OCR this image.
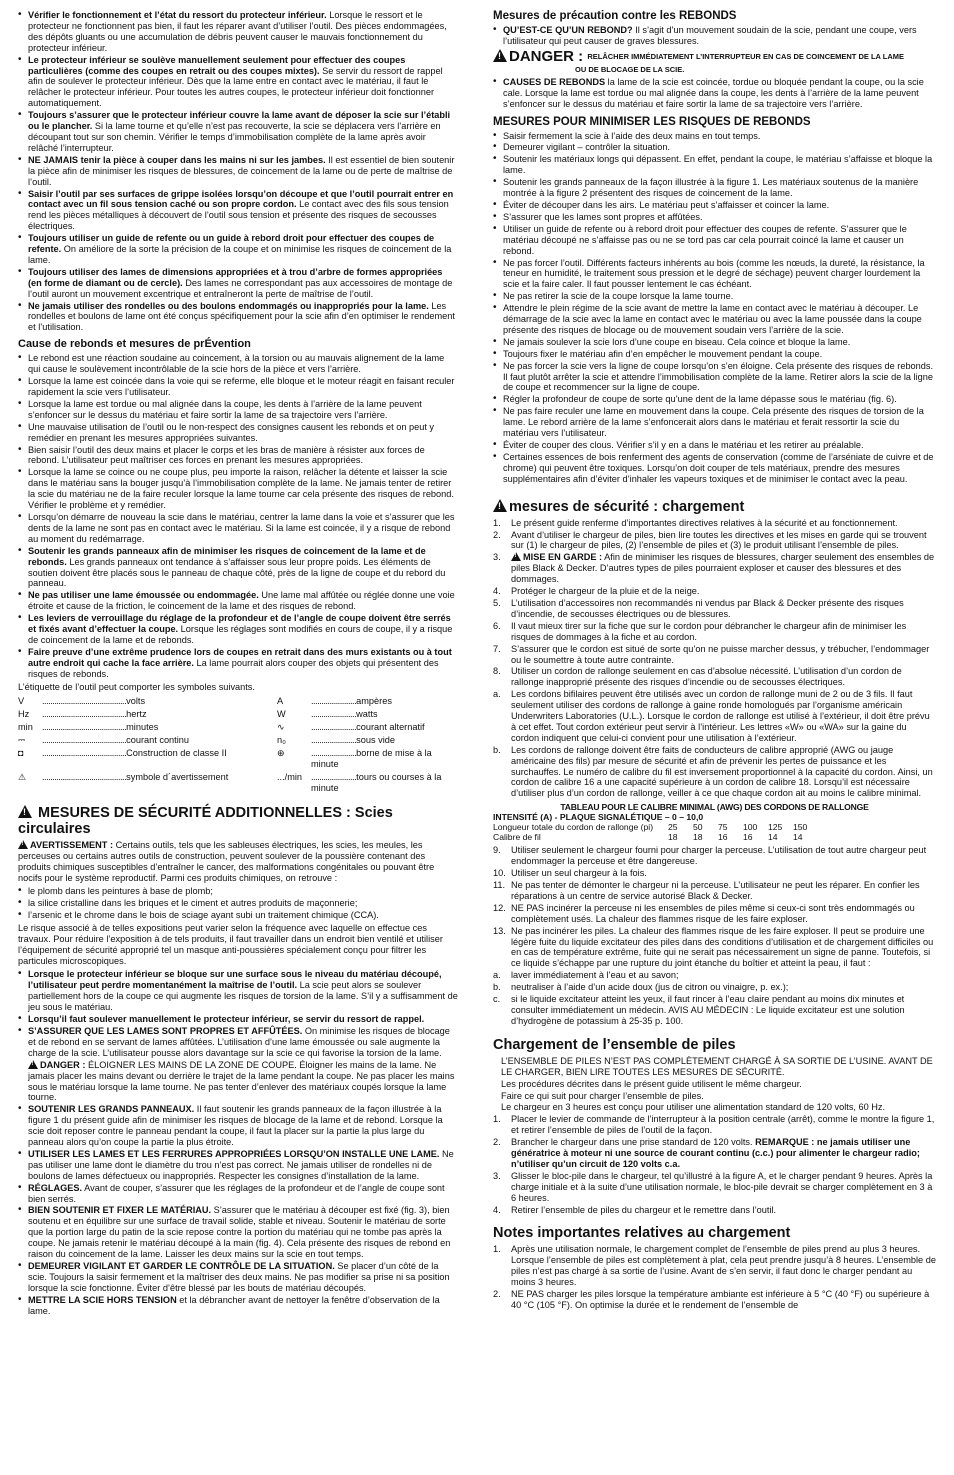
• Vérifier le fonctionnement et l’état du ressort du protecteur inférieur. Lorsque le ressort et le protecteur ne fonctionnent pas bien, il faut les réparer avant d’utiliser l’outil. Des pièces endommagées, des dépôts gluants ou une accumulation de débris peuvent causer le mauvais fonctionnement du protecteur inférieur.
• Le protecteur inférieur se soulève manuellement seulement pour effectuer des coupes particulières (comme des coupes en retrait ou des coupes mixtes). Se servir du ressort de rappel afin de soulever le protecteur inférieur. Dès que la lame entre en contact avec le matériau, il faut le relâcher le protecteur inférieur. Pour toutes les autres coupes, le protecteur inférieur doit fonctionner automatiquement.
• Toujours s’assurer que le protecteur inférieur couvre la lame avant de déposer la scie sur l’établi ou le plancher. Si la lame tourne et qu’elle n’est pas recouverte, la scie se déplacera vers l’arrière en découpant tout sur son chemin. Vérifier le temps d’immobilisation complète de la lame après avoir relâché l’interrupteur.
• NE JAMAIS tenir la pièce à couper dans les mains ni sur les jambes. Il est essentiel de bien soutenir la pièce afin de minimiser les risques de blessures, de coincement de la lame ou de perte de maîtrise de l’outil.
• Saisir l’outil par ses surfaces de grippe isolées lorsqu’on découpe et que l’outil pourrait entrer en contact avec un fil sous tension caché ou son propre cordon. Le contact avec des fils sous tension rend les pièces métalliques à découvert de l’outil sous tension et présente des risques de secousses électriques.
• Toujours utiliser un guide de refente ou un guide à rebord droit pour effectuer des coupes de refente. On améliore de la sorte la précision de la coupe et on minimise les risques de coincement de la lame.
• Toujours utiliser des lames de dimensions appropriées et à trou d’arbre de formes appropriées (en forme de diamant ou de cercle). Des lames ne correspondant pas aux accessoires de montage de l’outil auront un mouvement excentrique et entraîneront la perte de maîtrise de l’outil.
• Ne jamais utiliser des rondelles ou des boulons endommagés ou inappropriés pour la lame. Les rondelles et boulons de lame ont été conçus spécifiquement pour la scie afin d’en optimiser le rendement et l’utilisation.
Cause de rebonds et mesures de prÉvention
• Le rebond est une réaction soudaine au coincement, à la torsion ou au mauvais alignement de la lame qui cause le soulèvement incontrôlable de la scie hors de la pièce et vers l’arrière.
• Lorsque la lame est coincée dans la voie qui se referme, elle bloque et le moteur réagit en faisant reculer rapidement la scie vers l’utilisateur.
• Lorsque la lame est tordue ou mal alignée dans la coupe, les dents à l’arrière de la lame peuvent s’enfoncer sur le dessus du matériau et faire sortir la lame de sa trajectoire vers l’arrière.
• Une mauvaise utilisation de l’outil ou le non-respect des consignes causent les rebonds et on peut y remédier en prenant les mesures appropriées suivantes.
• Bien saisir l’outil des deux mains et placer le corps et les bras de manière à résister aux forces de rebond. L’utilisateur peut maîtriser ces forces en prenant les mesures appropriées.
• Lorsque la lame se coince ou ne coupe plus, peu importe la raison, relâcher la détente et laisser la scie dans le matériau sans la bouger jusqu’à l’immobilisation complète de la lame. Ne jamais tenter de retirer la scie du matériau ne de la faire reculer lorsque la lame tourne car cela présente des risques de rebond. Vérifier le problème et y remédier.
• Lorsqu’on démarre de nouveau la scie dans le matériau, centrer la lame dans la voie et s’assurer que les dents de la lame ne sont pas en contact avec le matériau. Si la lame est coincée, il y a risque de rebond au moment du redémarrage.
• Soutenir les grands panneaux afin de minimiser les risques de coincement de la lame et de rebonds. Les grands panneaux ont tendance à s’affaisser sous leur propre poids. Les éléments de soutien doivent être placés sous le panneau de chaque côté, près de la ligne de coupe et du rebord du panneau.
• Ne pas utiliser une lame émoussée ou endommagée. Une lame mal affûtée ou réglée donne une voie étroite et cause de la friction, le coincement de la lame et des risques de rebond.
• Les leviers de verrouillage du réglage de la profondeur et de l’angle de coupe doivent être serrés et fixés avant d’effectuer la coupe. Lorsque les réglages sont modifiés en cours de coupe, il y a risque de coincement de la lame et de rebonds.
• Faire preuve d’une extrême prudence lors de coupes en retrait dans des murs existants ou à tout autre endroit qui cache la face arrière. La lame pourrait alors couper des objets qui présentent des risques de rebonds.

L’étiquette de l’outil peut comporter les symboles suivants.

V	.........................................volts	A	......................ampères
Hz	.........................................hertz	W	......................watts
min	.........................................minutes	∿	......................courant alternatif
⎓	.........................................courant continu	n₀	......................sous vide
◘	.........................................Construction de classe II	⊕	......................borne de mise à la minute
⚠	.........................................symbole d´avertissement	.../min	......................tours ou courses à la minute
! MESURES DE SÉCURITÉ ADDITIONNELLES : Scies circulaires

!AVERTISSEMENT : Certains outils, tels que les sableuses électriques, les scies, les meules, les perceuses ou certains autres outils de construction, peuvent soulever de la poussière contenant des produits chimiques susceptibles d’entraîner le cancer, des malformations congénitales ou pouvant être nocifs pour le système reproductif. Parmi ces produits chimiques, on retrouve :

• le plomb dans les peintures à base de plomb;
• la silice cristalline dans les briques et le ciment et autres produits de maçonnerie;
• l’arsenic et le chrome dans le bois de sciage ayant subi un traitement chimique (CCA).

Le risque associé à de telles expositions peut varier selon la fréquence avec laquelle on effectue ces travaux. Pour réduire l’exposition à de tels produits, il faut travailler dans un endroit bien ventilé et utiliser l’équipement de sécurité approprié tel un masque anti-poussières spécialement conçu pour filtrer les particules microscopiques.

• Lorsque le protecteur inférieur se bloque sur une surface sous le niveau du matériau découpé, l’utilisateur peut perdre momentanément la maîtrise de l’outil. La scie peut alors se soulever partiellement hors de la coupe ce qui augmente les risques de torsion de la lame. S’il y a suffisamment de jeu sous le matériau.
• Lorsqu’il faut soulever manuellement le protecteur inférieur, se servir du ressort de rappel.
• S’ASSURER QUE LES LAMES SONT PROPRES ET AFFÛTÉES. On minimise les risques de blocage et de rebond en se servant de lames affûtées. L’utilisation d’une lame émoussée ou sale augmente la charge de la scie. L’utilisateur pousse alors davantage sur la scie ce qui favorise la torsion de la lame.

!DANGER : ÉLOIGNER LES MAINS DE LA ZONE DE COUPE. Éloigner les mains de la lame. Ne jamais placer les mains devant ou derrière le trajet de la lame pendant la coupe. Ne pas placer les mains sous le matériau lorsque la lame tourne. Ne pas tenter d’enlever des matériaux coupés lorsque la lame tourne.

• SOUTENIR LES GRANDS PANNEAUX. Il faut soutenir les grands panneaux de la façon illustrée à la figure 1 du présent guide afin de minimiser les risques de blocage de la lame et de rebond. Lorsque la scie doit reposer contre le panneau pendant la coupe, il faut la placer sur la partie la plus large du panneau alors qu’on coupe la partie la plus étroite.
• UTILISER LES LAMES ET LES FERRURES APPROPRIÉES LORSQU’ON INSTALLE UNE LAME. Ne pas utiliser une lame dont le diamètre du trou n’est pas correct. Ne jamais utiliser de rondelles ni de boulons de lames défectueux ou inappropriés. Respecter les consignes d’installation de la lame.
• RÉGLAGES. Avant de couper, s’assurer que les réglages de la profondeur et de l’angle de coupe sont bien serrés.
• BIEN SOUTENIR ET FIXER LE MATÉRIAU. S’assurer que le matériau à découper est fixé (fig. 3), bien soutenu et en équilibre sur une surface de travail solide, stable et niveau. Soutenir le matériau de sorte que la portion large du patin de la scie repose contre la portion du matériau qui ne tombe pas après la coupe. Ne jamais retenir le matériau découpé à la main (fig. 4). Cela présente des risques de rebond en raison du coincement de la lame. Laisser les deux mains sur la scie en tout temps.
• DEMEURER VIGILANT ET GARDER LE CONTRÔLE DE LA SITUATION. Se placer d’un côté de la scie. Toujours la saisir fermement et la maîtriser des deux mains. Ne pas modifier sa prise ni sa position lorsque la scie fonctionne. Éviter d’être blessé par les bouts de matériau découpés.
• METTRE LA SCIE HORS TENSION et la débrancher avant de nettoyer la fenêtre d’observation de la lame.
Mesures de précaution contre les REBONDS
• QU’EST-CE QU’UN REBOND? Il s’agit d’un mouvement soudain de la scie, pendant une coupe, vers l’utilisateur qui peut causer de graves blessures.
!DANGER : RELÂCHER IMMÉDIATEMENT L’INTERRUPTEUR EN CAS DE COINCEMENT DE LA LAME
OU DE BLOCAGE DE LA SCIE.
• CAUSES DE REBONDS la lame de la scie est coincée, tordue ou bloquée pendant la coupe, ou la scie cale. Lorsque la lame est tordue ou mal alignée dans la coupe, les dents à l’arrière de la lame peuvent s’enfoncer sur le dessus du matériau et faire sortir la lame de sa trajectoire vers l’arrière.
MESURES POUR MINIMISER LES RISQUES DE REBONDS
• Saisir fermement la scie à l’aide des deux mains en tout temps.
• Demeurer vigilant – contrôler la situation.
• Soutenir les matériaux longs qui dépassent. En effet, pendant la coupe, le matériau s’affaisse et bloque la lame.
• Soutenir les grands panneaux de la façon illustrée à la figure 1. Les matériaux soutenus de la manière montrée à la figure 2 présentent des risques de coincement de la lame.
• Éviter de découper dans les airs. Le matériau peut s’affaisser et coincer la lame.
• S’assurer que les lames sont propres et affûtées.
• Utiliser un guide de refente ou à rebord droit pour effectuer des coupes de refente. S’assurer que le matériau découpé ne s’affaisse pas ou ne se tord pas car cela pourrait coincé la lame et causer un rebond.
• Ne pas forcer l’outil. Différents facteurs inhérents au bois (comme les nœuds, la dureté, la résistance, la teneur en humidité, le traitement sous pression et le degré de séchage) peuvent charger lourdement la scie et la faire caler. Il faut pousser lentement le cas échéant.
• Ne pas retirer la scie de la coupe lorsque la lame tourne.
• Attendre le plein régime de la scie avant de mettre la lame en contact avec le matériau à découper. Le démarrage de la scie avec la lame en contact avec le matériau ou avec la lame poussée dans la coupe présente des risques de blocage ou de mouvement soudain vers l’arrière de la scie.
• Ne jamais soulever la scie lors d’une coupe en biseau. Cela coince et bloque la lame.
• Toujours fixer le matériau afin d’en empêcher le mouvement pendant la coupe.
• Ne pas forcer la scie vers la ligne de coupe lorsqu’on s’en éloigne. Cela présente des risques de rebonds. Il faut plutôt arrêter la scie et attendre l’immobilisation complète de la lame. Retirer alors la scie de la ligne de coupe et recommencer sur la ligne de coupe.
• Régler la profondeur de coupe de sorte qu’une dent de la lame dépasse sous le matériau (fig. 6).
• Ne pas faire reculer une lame en mouvement dans la coupe. Cela présente des risques de torsion de la lame. Le rebord arrière de la lame s’enfoncerait alors dans le matériau et ferait ressortir la scie du matériau vers l’utilisateur.
• Éviter de couper des clous. Vérifier s’il y en a dans le matériau et les retirer au préalable.
• Certaines essences de bois renferment des agents de conservation (comme de l’arséniate de cuivre et de chrome) qui peuvent être toxiques. Lorsqu’on doit couper de tels matériaux, prendre des mesures supplémentaires afin d’éviter d’inhaler les vapeurs toxiques et de minimiser le contact avec la peau.
!mesures de sécurité : chargement
1. Le présent guide renferme d’importantes directives relatives à la sécurité et au fonctionnement.
2. Avant d’utiliser le chargeur de piles, bien lire toutes les directives et les mises en garde qui se trouvent sur (1) le chargeur de piles, (2) l’ensemble de piles et (3) le produit utilisant l’ensemble de piles.
3. ! MISE EN GARDE : Afin de minimiser les risques de blessures, charger seulement des ensembles de piles Black & Decker. D’autres types de piles pourraient exploser et causer des blessures et des dommages.
4. Protéger le chargeur de la pluie et de la neige.
5. L’utilisation d’accessoires non recommandés ni vendus par Black & Decker présente des risques d’incendie, de secousses électriques ou de blessures.
6. Il vaut mieux tirer sur la fiche que sur le cordon pour débrancher le chargeur afin de minimiser les risques de dommages à la fiche et au cordon.
7. S’assurer que le cordon est situé de sorte qu’on ne puisse marcher dessus, y trébucher, l’endommager ou le soumettre à toute autre contrainte.
8. Utiliser un cordon de rallonge seulement en cas d’absolue nécessité. L’utilisation d’un cordon de rallonge inapproprié présente des risques d’incendie ou de secousses électriques.
a. Les cordons bifilaires peuvent être utilisés avec un cordon de rallonge muni de 2 ou de 3 fils. Il faut seulement utiliser des cordons de rallonge à gaine ronde homologués par l’organisme américain Underwriters Laboratories (U.L.). Lorsque le cordon de rallonge est utilisé à l’extérieur, il doit être prévu à cet effet. Tout cordon extérieur peut servir à l’intérieur. Les lettres «W» ou «WA» sur la gaine du cordon indiquent que celui-ci convient pour une utilisation à l’extérieur.
b. Les cordons de rallonge doivent être faits de conducteurs de calibre approprié (AWG ou jauge américaine des fils) par mesure de sécurité et afin de prévenir les pertes de puissance et les surchauffes. Le numéro de calibre du fil est inversement proportionnel à la capacité du cordon. Ainsi, un cordon de calibre 16 a une capacité supérieure à un cordon de calibre 18. Lorsqu’il est nécessaire d’utiliser plus d’un cordon de rallonge, veiller à ce que chaque cordon ait au moins le calibre minimal.
TABLEAU POUR LE CALIBRE MINIMAL (AWG) DES CORDONS DE RALLONGE
INTENSITÉ (A) - PLAQUE SIGNALÉTIQUE – 0 – 10,0
Longueur totale du cordon de rallonge (pi)	25	50	75	100	125	150
Calibre de fil	18	18	16	16	14	14
9. Utiliser seulement le chargeur fourni pour charger la perceuse. L’utilisation de tout autre chargeur peut endommager la perceuse et être dangereuse.
10. Utiliser un seul chargeur à la fois.
11. Ne pas tenter de démonter le chargeur ni la perceuse. L’utilisateur ne peut les réparer. En confier les réparations à un centre de service autorisé Black & Decker.
12. NE PAS incinérer la perceuse ni les ensembles de piles même si ceux-ci sont très endommagés ou complètement usés. La chaleur des flammes risque de les faire exploser.
13. Ne pas incinérer les piles. La chaleur des flammes risque de les faire exploser. Il peut se produire une légère fuite du liquide excitateur des piles dans des conditions d’utilisation et de chargement difficiles ou en cas de température extrême, fuite qui ne serait pas nécessairement un signe de panne. Toutefois, si ce liquide s’échappe par une rupture du joint étanche du boîtier et atteint la peau, il faut :
a. laver immédiatement à l’eau et au savon;
b. neutraliser à l’aide d’un acide doux (jus de citron ou vinaigre, p. ex.);
c. si le liquide excitateur atteint les yeux, il faut rincer à l’eau claire pendant au moins dix minutes et consulter immédiatement un médecin. AVIS AU MÉDECIN : Le liquide excitateur est une solution d’hydrogène de potassium à 25-35 p. 100.
Chargement de l’ensemble de piles

L’ENSEMBLE DE PILES N’EST PAS COMPLÈTEMENT CHARGÉ À SA SORTIE DE L’USINE. AVANT DE LE CHARGER, BIEN LIRE TOUTES LES MESURES DE SÉCURITÉ.

Les procédures décrites dans le présent guide utilisent le même chargeur.

Faire ce qui suit pour charger l’ensemble de piles.

Le chargeur en 3 heures est conçu pour utiliser une alimentation standard de 120 volts, 60 Hz.

1. Placer le levier de commande de l’interrupteur à la position centrale (arrêt), comme le montre la figure 1, et retirer l’ensemble de piles de l’outil de la façon.
2. Brancher le chargeur dans une prise standard de 120 volts. REMARQUE : ne jamais utiliser une génératrice à moteur ni une source de courant continu (c.c.) pour alimenter le chargeur radio; n’utiliser qu’un circuit de 120 volts c.a.
3. Glisser le bloc-pile dans le chargeur, tel qu’illustré à la figure A, et le charger pendant 9 heures. Après la charge initiale et à la suite d’une utilisation normale, le bloc-pile devrait se charger complètement en 3 à 6 heures.
4. Retirer l’ensemble de piles du chargeur et le remettre dans l’outil.
Notes importantes relatives au chargement
1. Après une utilisation normale, le chargement complet de l’ensemble de piles prend au plus 3 heures. Lorsque l’ensemble de piles est complètement à plat, cela peut prendre jusqu’à 8 heures. L’ensemble de piles n’est pas chargé à sa sortie de l’usine. Avant de s’en servir, il faut donc le charger pendant au moins 3 heures.
2. NE PAS charger les piles lorsque la température ambiante est inférieure à 5 °C (40 °F) ou supérieure à 40 °C (105 °F). On optimise la durée et le rendement de l’ensemble de
